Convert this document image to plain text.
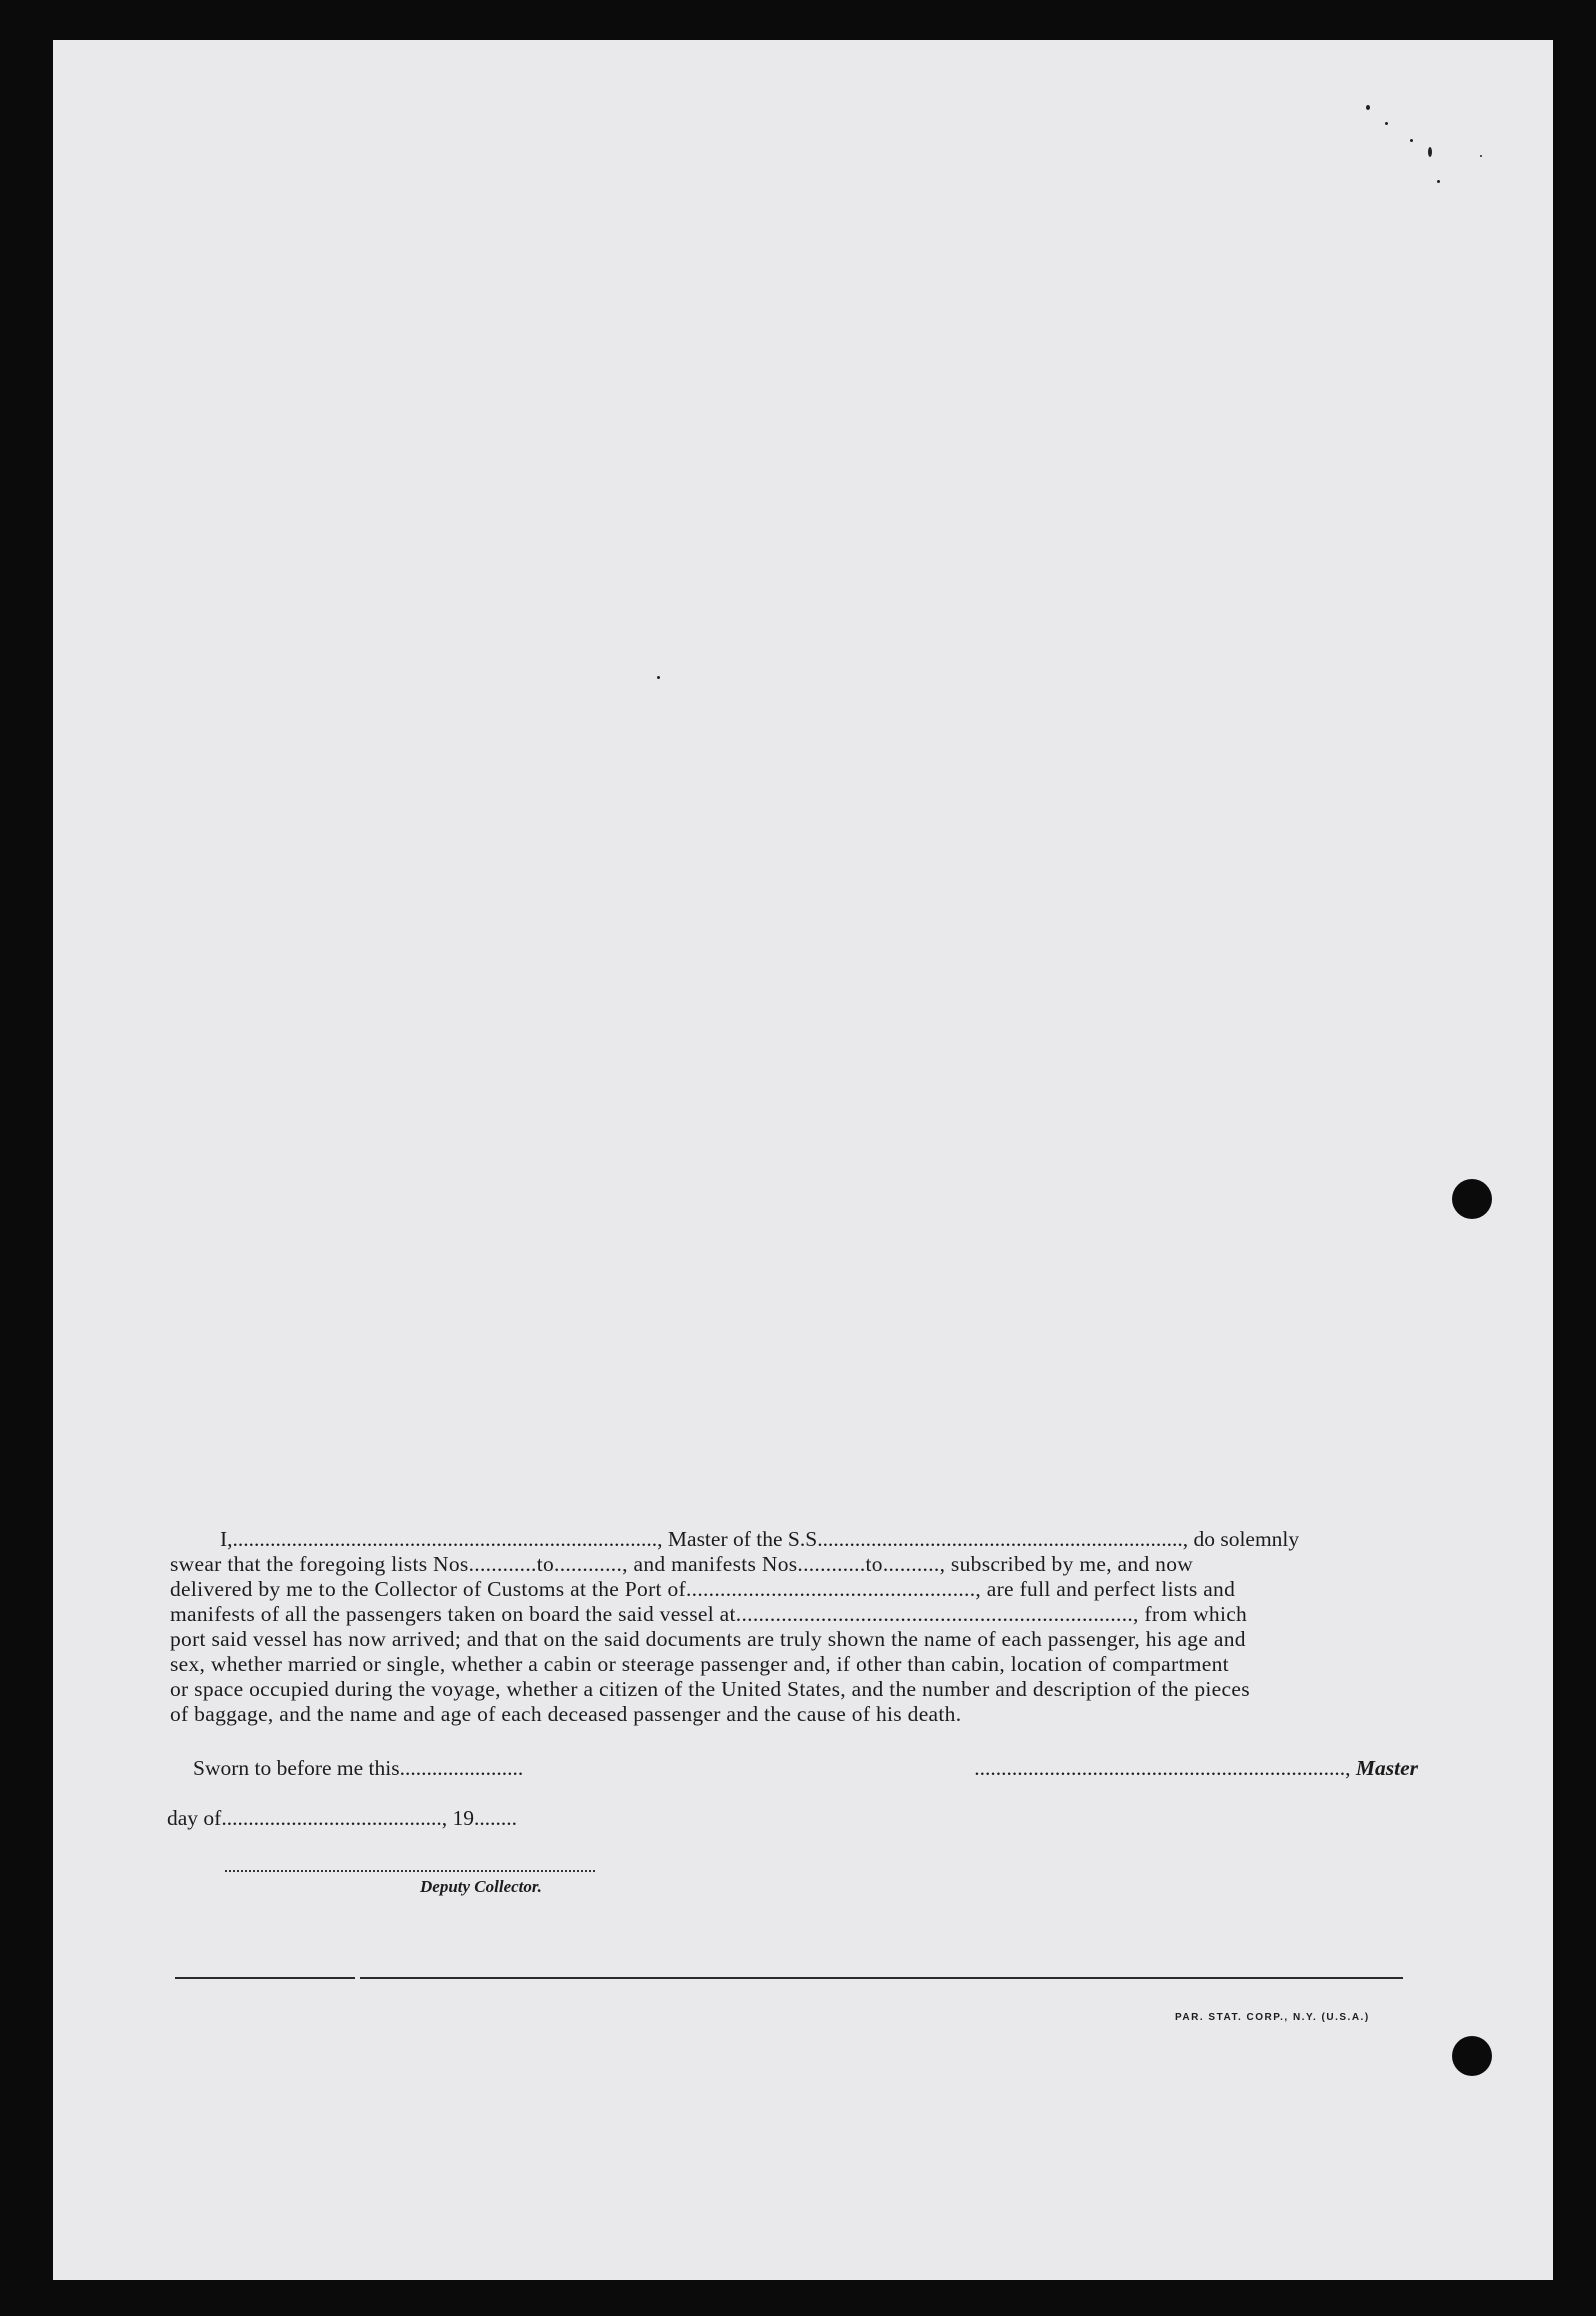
I,..............................................................................., Master of the S.S...................................................................., do solemnly

swear that the foregoing lists Nos............to............, and manifests Nos............to.........., subscribed by me, and now
delivered by me to the Collector of Customs at the Port of..................................................., are full and perfect lists and
manifests of all the passengers taken on board the said vessel at......................................................................, from which
port said vessel has now arrived; and that on the said documents are truly shown the name of each passenger, his age and
sex, whether married or single, whether a cabin or steerage passenger and, if other than cabin, location of compartment
or space occupied during the voyage, whether a citizen of the United States, and the number and description of the pieces
of baggage, and the name and age of each deceased passenger and the cause of his death.
Sworn to before me this.......................
day of........................................., 19........
....................................................................., Master
Deputy Collector.
PAR. STAT. CORP., N.Y. (U.S.A.)
